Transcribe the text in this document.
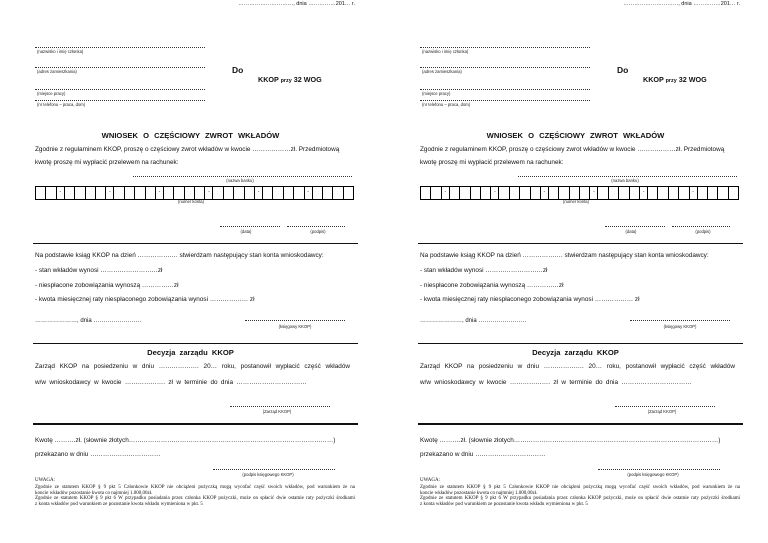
…………………………, dnia ……………201… r.
(nazwisko i imię członka)
(adres zamieszkania)
(miejsce pracy)
(nr telefonu – praca, dom)
Do
KKOP przy 32 WOG
WNIOSEK O CZĘŚCIOWY ZWROT WKŁADÓW
Zgodnie z regulaminem KKOP, proszę o częściowy zwrot wkładów w kwocie ………………zł. Przedmiotową
kwotę proszę mi wypłacić przelewem na rachunek:
(nazwa banku)
-	-	-	-	-	-
(numer konta)
(data)	(podpis)
Na podstawie ksiąg KKOP na dzień ………………. stwierdzam następujący stan konta wnioskodawcy:
- stan wkładów wynosi ………………………zł
- niespłacone zobowiązania wynoszą ……………zł
- kwota miesięcznej raty niespłaconego zobowiązania wynosi ……………… zł
…………………, dnia ……………………
(księgowy KKOP)
Decyzja zarządu KKOP
Zarząd KKOP na posiedzeniu w dniu ………………. 20… roku, postanowił wypłacić część wkładów
w/w wnioskodawcy w kwocie ………………. zł w terminie do dnia ……………………………
(Zarząd KKOP)
Kwotę ……….zł. (słownie złotych……………………………………………………………………………………)
przekazano w dniu ……………………………
(podpis księgowego KKOP)
UWAGA:
Zgodnie ze statutem KKOP § 9 pkt 5 Członkowie KKOP nie obciążeni pożyczką mogą wycofać część swoich wkładów, pod warunkiem że na
koncie wkładów pozostanie kwota co najmniej 1.000,00zł.
Zgodnie ze statutem KKOP § 9 pkt 6 W przypadku posiadania przez członka KKOP pożyczki, może on spłacić dwie ostatnie raty pożyczki środkami
z konta wkładów pod warunkiem ze pozostanie kwota wkładu wymieniona w pkt. 5
…………………………, dnia ……………201… r.
(nazwisko i imię członka)
(adres zamieszkania)
(miejsce pracy)
(nr telefonu – praca, dom)
Do
KKOP przy 32 WOG
WNIOSEK O CZĘŚCIOWY ZWROT WKŁADÓW
Zgodnie z regulaminem KKOP, proszę o częściowy zwrot wkładów w kwocie ………………zł. Przedmiotową
kwotę proszę mi wypłacić przelewem na rachunek:
(nazwa banku)
-	-	-	-	-	-
(numer konta)
(data)	(podpis)
Na podstawie ksiąg KKOP na dzień ………………. stwierdzam następujący stan konta wnioskodawcy:
- stan wkładów wynosi ………………………zł
- niespłacone zobowiązania wynoszą ……………zł
- kwota miesięcznej raty niespłaconego zobowiązania wynosi ……………… zł
…………………, dnia ……………………
(księgowy KKOP)
Decyzja zarządu KKOP
Zarząd KKOP na posiedzeniu w dniu ………………. 20… roku, postanowił wypłacić część wkładów
w/w wnioskodawcy w kwocie ………………. zł w terminie do dnia ……………………………
(Zarząd KKOP)
Kwotę ……….zł. (słownie złotych……………………………………………………………………………………)
przekazano w dniu ……………………………
(podpis księgowego KKOP)
UWAGA:
Zgodnie ze statutem KKOP § 9 pkt 5 Członkowie KKOP nie obciążeni pożyczką mogą wycofać część swoich wkładów, pod warunkiem że na
koncie wkładów pozostanie kwota co najmniej 1.000,00zł.
Zgodnie ze statutem KKOP § 9 pkt 6 W przypadku posiadania przez członka KKOP pożyczki, może on spłacić dwie ostatnie raty pożyczki środkami
z konta wkładów pod warunkiem ze pozostanie kwota wkładu wymieniona w pkt. 5
